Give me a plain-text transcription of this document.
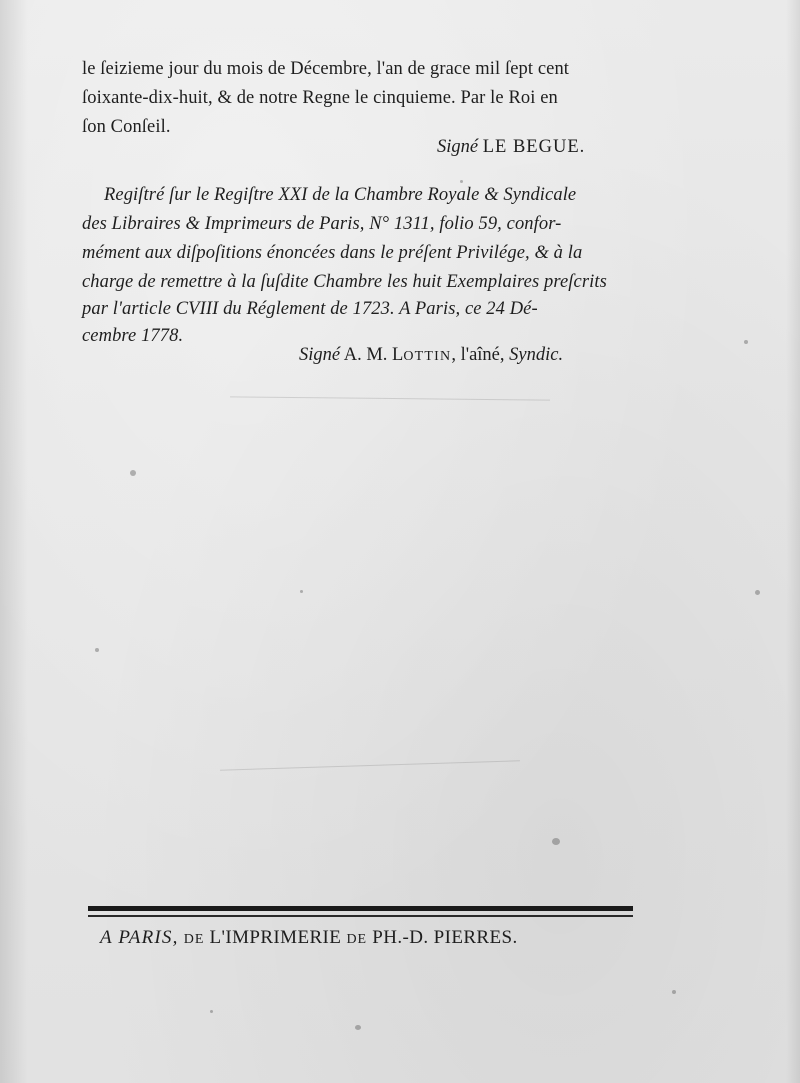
le ſeizieme jour du mois de Décembre, l'an de grace mil ſept cent
ſoixante-dix-huit, & de notre Regne le cinquieme. Par le Roi en
ſon Conſeil.
Signé LE BEGUE.
Regiſtré ſur le Regiſtre XXI de la Chambre Royale & Syndicale
des Libraires & Imprimeurs de Paris, N° 1311, folio 59, confor-
mément aux diſpoſitions énoncées dans le préſent Privilége, & à la
charge de remettre à la ſuſdite Chambre les huit Exemplaires preſcrits
par l'article CVIII du Réglement de 1723. A Paris, ce 24 Dé-
cembre 1778.
Signé A. M. LOTTIN, l'aîné, Syndic.
A PARIS, DE L'IMPRIMERIE DE PH.-D. PIERRES.
